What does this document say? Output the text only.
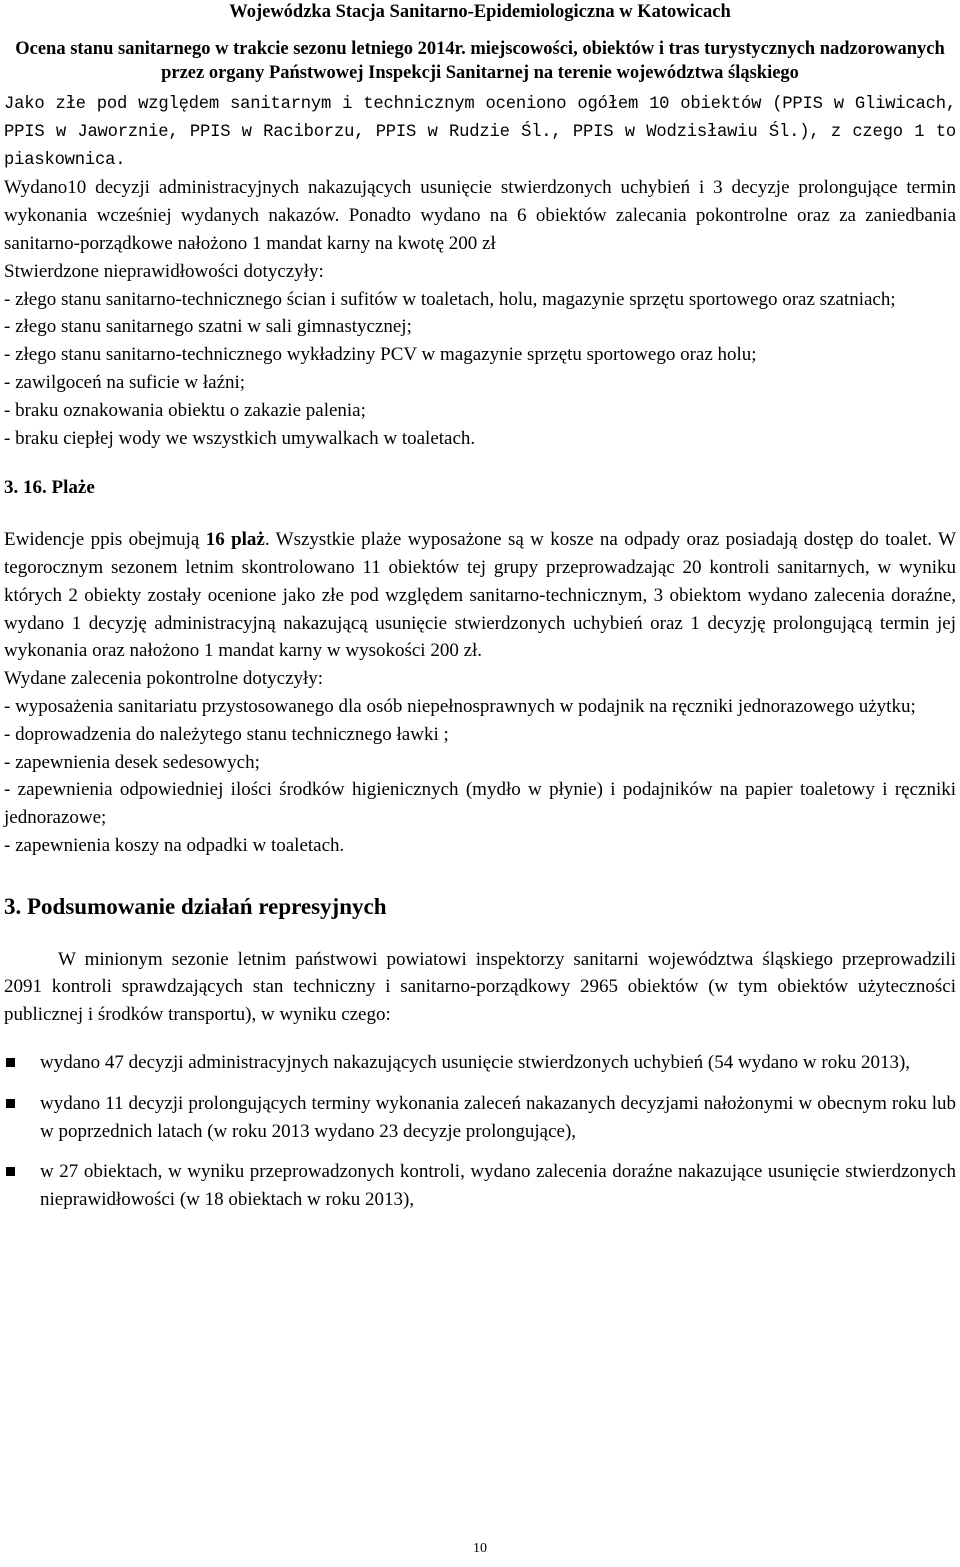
Wojewódzka Stacja Sanitarno-Epidemiologiczna w Katowicach
Ocena stanu sanitarnego w trakcie sezonu letniego 2014r. miejscowości, obiektów i tras turystycznych nadzorowanych przez organy Państwowej Inspekcji Sanitarnej na terenie województwa śląskiego

Jako złe pod względem sanitarnym i technicznym oceniono ogółem 10 obiektów (PPIS w Gliwicach, PPIS w Jaworznie, PPIS w Raciborzu, PPIS w Rudzie Śl., PPIS w Wodzisławiu Śl.), z czego 1 to piaskownica.

Wydano10 decyzji administracyjnych nakazujących usunięcie stwierdzonych uchybień i 3 decyzje prolongujące termin wykonania wcześniej wydanych nakazów. Ponadto wydano na 6 obiektów zalecania pokontrolne oraz za zaniedbania sanitarno-porządkowe nałożono 1 mandat karny na kwotę 200 zł

Stwierdzone nieprawidłowości dotyczyły:

- złego stanu sanitarno-technicznego ścian i sufitów w toaletach, holu, magazynie sprzętu sportowego oraz szatniach;

- złego stanu sanitarnego szatni w sali gimnastycznej;

- złego stanu sanitarno-technicznego wykładziny PCV w magazynie sprzętu sportowego oraz holu;

- zawilgoceń na suficie w łaźni;

- braku oznakowania obiektu o zakazie palenia;

- braku ciepłej wody we wszystkich umywalkach w toaletach.

3. 16. Plaże

Ewidencje ppis obejmują 16 plaż. Wszystkie plaże wyposażone są w kosze na odpady oraz posiadają dostęp do toalet. W tegorocznym sezonem letnim skontrolowano 11 obiektów tej grupy przeprowadzając 20 kontroli sanitarnych, w wyniku których 2 obiekty zostały ocenione jako złe pod względem sanitarno-technicznym, 3 obiektom wydano zalecenia doraźne, wydano 1 decyzję administracyjną nakazującą usunięcie stwierdzonych uchybień oraz 1 decyzję prolongującą termin jej wykonania oraz nałożono 1 mandat karny w wysokości 200 zł.

Wydane zalecenia pokontrolne dotyczyły:

- wyposażenia sanitariatu przystosowanego dla osób niepełnosprawnych w podajnik na ręczniki jednorazowego użytku;

- doprowadzenia do należytego stanu technicznego ławki ;

- zapewnienia desek sedesowych;

- zapewnienia odpowiedniej ilości środków higienicznych (mydło w płynie) i podajników na papier toaletowy i ręczniki jednorazowe;

- zapewnienia koszy na odpadki w toaletach.

3. Podsumowanie działań represyjnych

W minionym sezonie letnim państwowi powiatowi inspektorzy sanitarni województwa śląskiego przeprowadzili 2091 kontroli sprawdzających stan techniczny i sanitarno-porządkowy 2965 obiektów (w tym obiektów użyteczności publicznej i środków transportu), w wyniku czego:

wydano 47 decyzji administracyjnych nakazujących usunięcie stwierdzonych uchybień (54 wydano w roku 2013),
wydano 11 decyzji prolongujących terminy wykonania zaleceń nakazanych decyzjami nałożonymi w obecnym roku lub w poprzednich latach (w roku 2013 wydano 23 decyzje prolongujące),
w 27 obiektach, w wyniku przeprowadzonych kontroli, wydano zalecenia doraźne nakazujące usunięcie stwierdzonych nieprawidłowości (w 18 obiektach w roku 2013),
10
